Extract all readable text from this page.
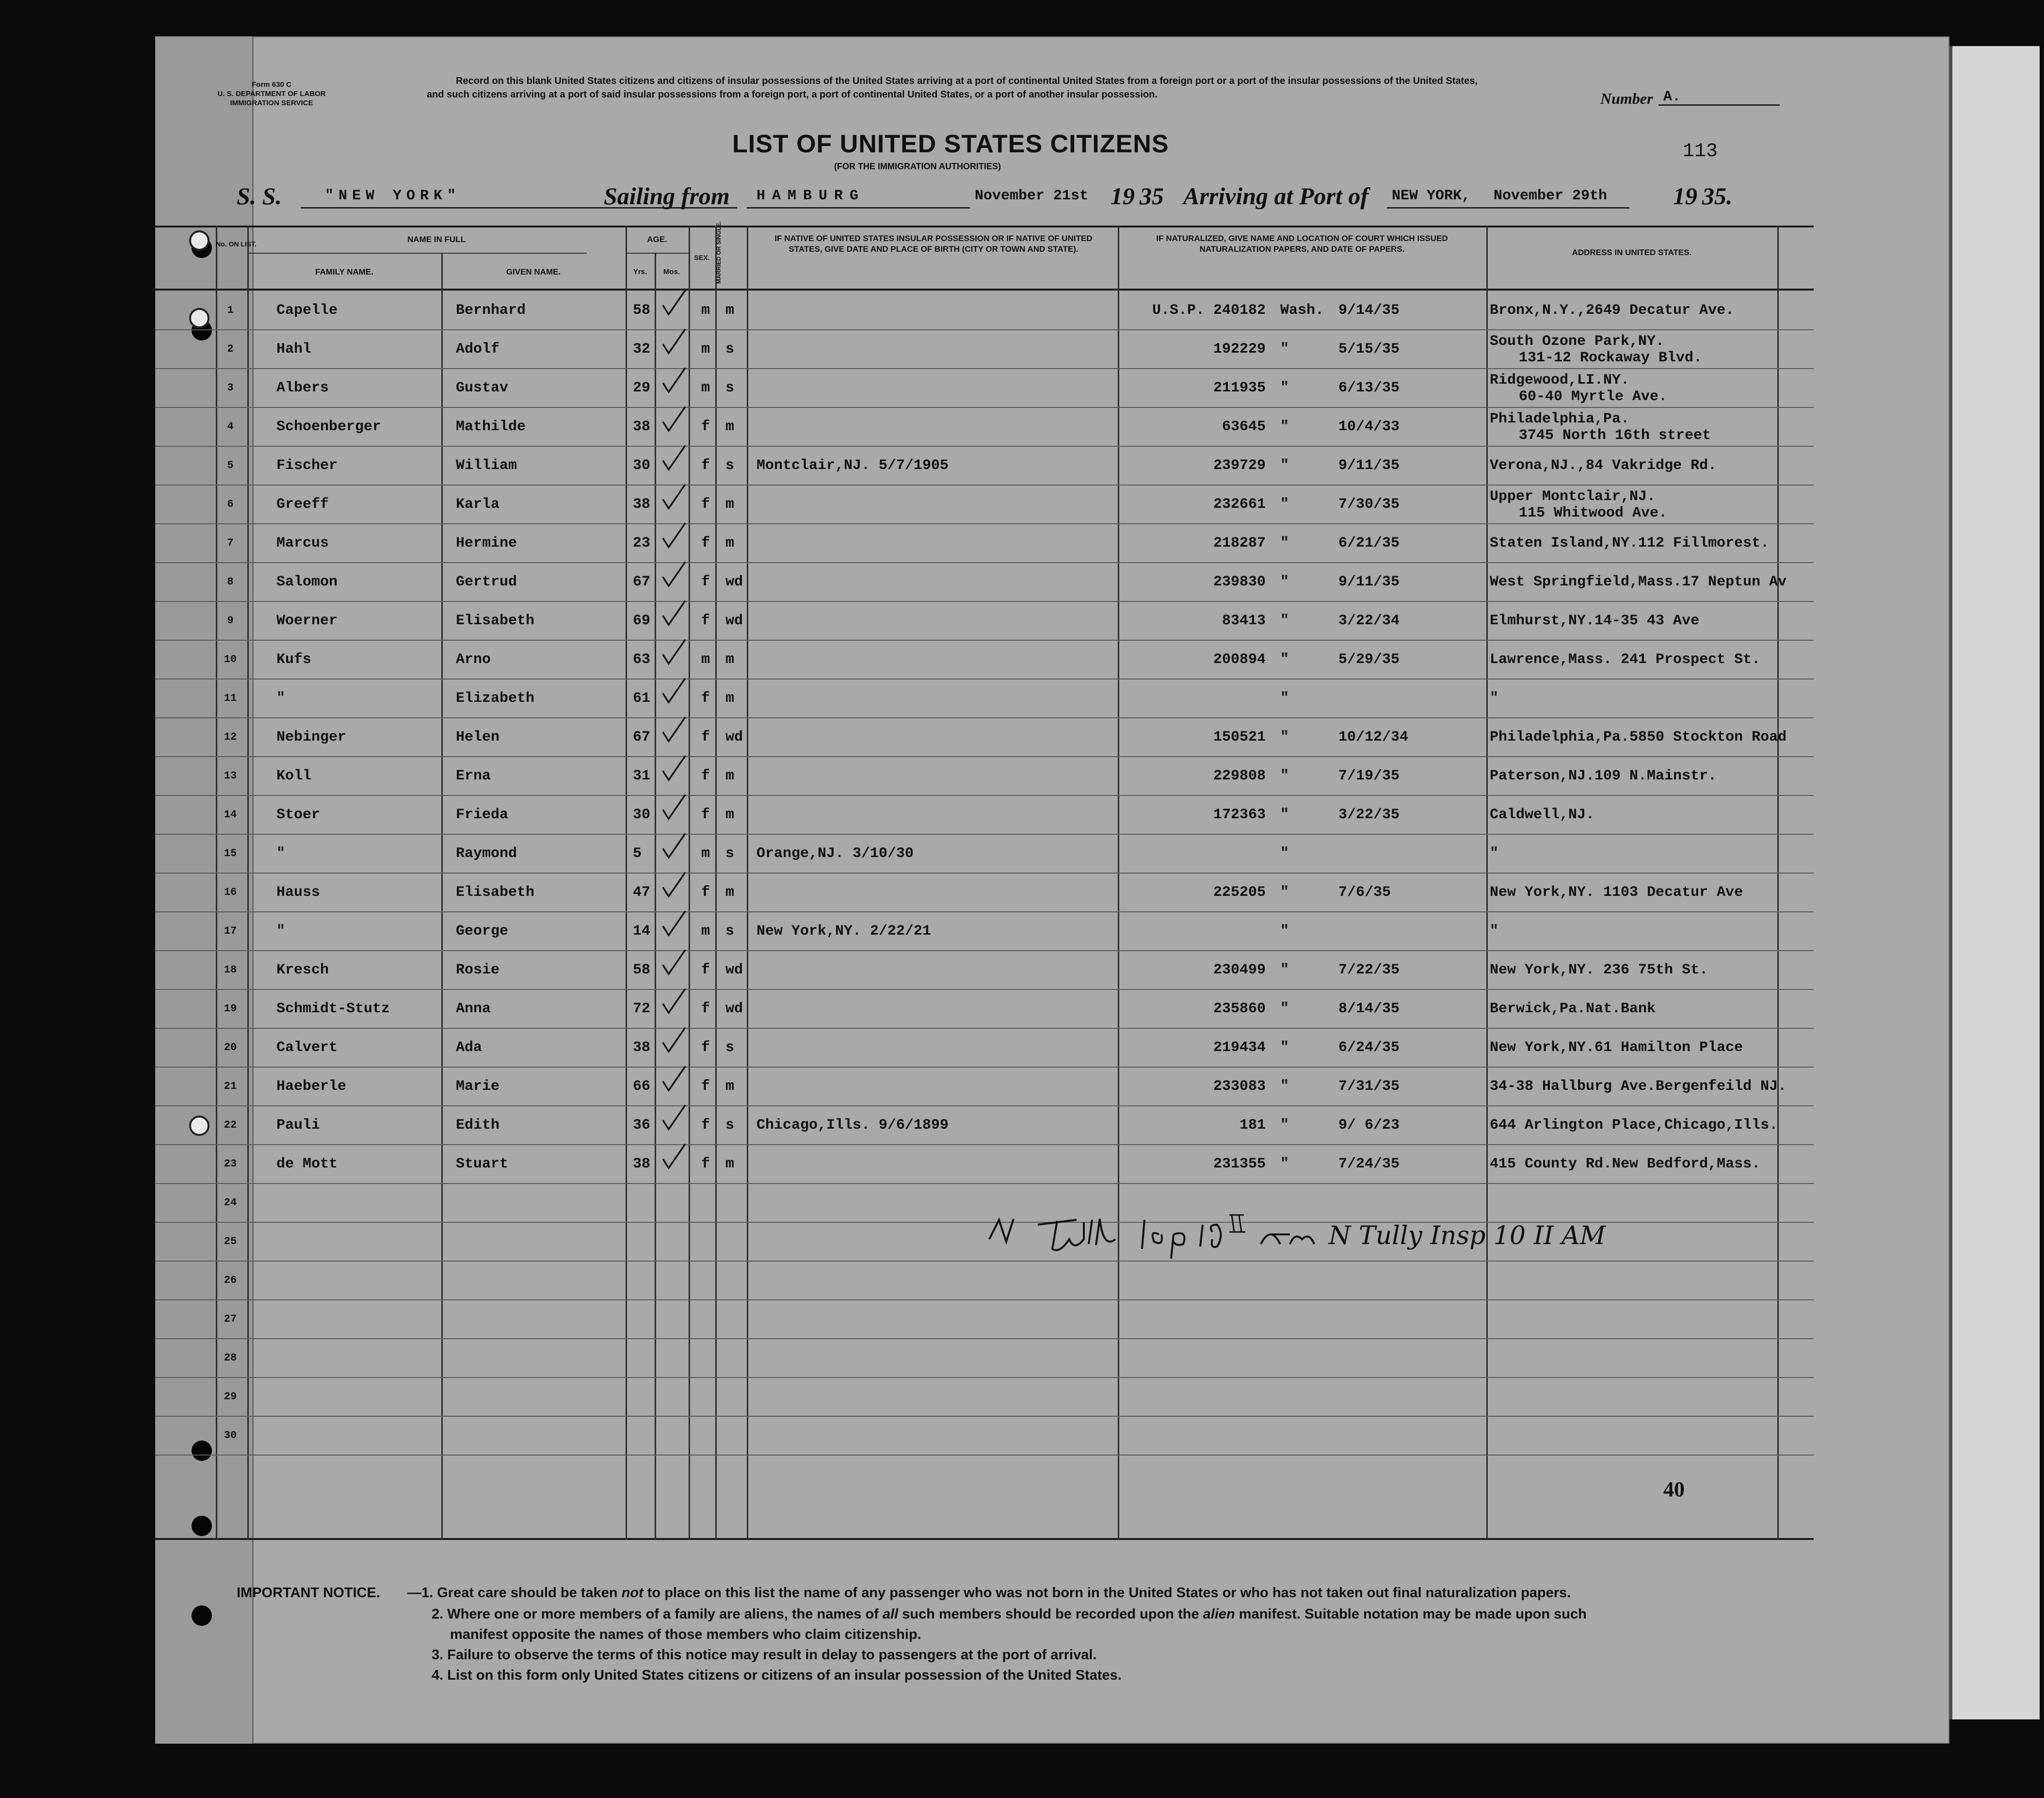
Form 630 C
U. S. DEPARTMENT OF LABOR
IMMIGRATION SERVICE
Record on this blank United States citizens and citizens of insular possessions of the United States arriving at a port of continental United States from a foreign port or a port of the insular possessions of the United States, and such citizens arriving at a port of said insular possessions from a foreign port, a port of continental United States, or a port of another insular possession.	Number A.
LIST OF UNITED STATES CITIZENS
(FOR THE IMMIGRATION AUTHORITIES)
113
S. S.	"NEW YORK"	Sailing from HAMBURG	November 21st 19 35 Arriving at Port of NEW YORK, November 29th	19 35.
No. ON LIST.	NAME IN FULL
FAMILY NAME.	GIVEN NAME.
AGE.
Yrs.	Mos.
SEX. MARRIED OR SINGLE.	IF NATIVE OF UNITED STATES INSULAR POSSESSION OR IF NATIVE OF UNITED STATES, GIVE DATE AND PLACE OF BIRTH (CITY OR TOWN AND STATE).
IF NATURALIZED, GIVE NAME AND LOCATION OF COURT WHICH ISSUED NATURALIZATION PAPERS, AND DATE OF PAPERS.	ADDRESS IN UNITED STATES.
1	Capelle	Bernhard	58	m m	U.S.P. 240182 Wash. 9/14/35	Bronx,N.Y.,2649 Decatur Ave.
2	Hahl	Adolf	32	m s	192229 "	5/15/35	South Ozone Park,NY.
131-12 Rockaway Blvd.
3	Albers	Gustav	29	m s	211935 "	6/13/35	Ridgewood,LI.NY.
60-40 Myrtle Ave.
4	Schoenberger	Mathilde	38	f m	63645 "	10/4/33	Philadelphia,Pa.
3745 North 16th street
5	Fischer	William	30	f s Montclair,NJ. 5/7/1905	239729 "	9/11/35	Verona,NJ.,84 Vakridge Rd.
6	Greeff	Karla	38	f m	232661 "	7/30/35	Upper Montclair,NJ.
115 Whitwood Ave.
7	Marcus	Hermine	23	f m	218287 "	6/21/35	Staten Island,NY.112 Fillmorest.
8	Salomon	Gertrud	67	f wd	239830 "	9/11/35	West Springfield,Mass.17 Neptun Av
9	Woerner	Elisabeth	69	f wd	83413 "	3/22/34	Elmhurst,NY.14-35 43 Ave
10	Kufs	Arno	63	m m	200894 "	5/29/35	Lawrence,Mass. 241 Prospect St.
11	"	Elizabeth	61	f m	"	"
12	Nebinger	Helen	67	f wd	150521 "	10/12/34	Philadelphia,Pa.5850 Stockton Road
13	Koll	Erna	31	f m	229808 "	7/19/35	Paterson,NJ.109 N.Mainstr.
14	Stoer	Frieda	30	f m	172363 "	3/22/35	Caldwell,NJ.
15	"	Raymond	5	m s Orange,NJ. 3/10/30	"	"
16	Hauss	Elisabeth	47	f m	225205 "	7/6/35	New York,NY. 1103 Decatur Ave
17	"	George	14	m s New York,NY. 2/22/21	"	"
18	Kresch	Rosie	58	f wd	230499 "	7/22/35	New York,NY. 236 75th St.
19	Schmidt-Stutz	Anna	72	f wd	235860 "	8/14/35	Berwick,Pa.Nat.Bank
20	Calvert	Ada	38	f s	219434 "	6/24/35	New York,NY.61 Hamilton Place
21	Haeberle	Marie	66	f m	233083 "	7/31/35	34-38 Hallburg Ave.Bergenfeild NJ.
22	Pauli	Edith	36	f s Chicago,Ills. 9/6/1899	181 "	9/ 6/23	644 Arlington Place,Chicago,Ills.
23	de Mott	Stuart	38	f m	231355 "	7/24/35	415 County Rd.New Bedford,Mass.
24
25
26
27
28
29
30
N Tully Insp 10 II AM
40
IMPORTANT NOTICE. —1. Great care should be taken not to place on this list the name of any passenger who was not born in the United States or who has not taken out final naturalization papers.
2. Where one or more members of a family are aliens, the names of all such members should be recorded upon the alien manifest. Suitable notation may be made upon such
manifest opposite the names of those members who claim citizenship.
3. Failure to observe the terms of this notice may result in delay to passengers at the port of arrival.
4. List on this form only United States citizens or citizens of an insular possession of the United States.
